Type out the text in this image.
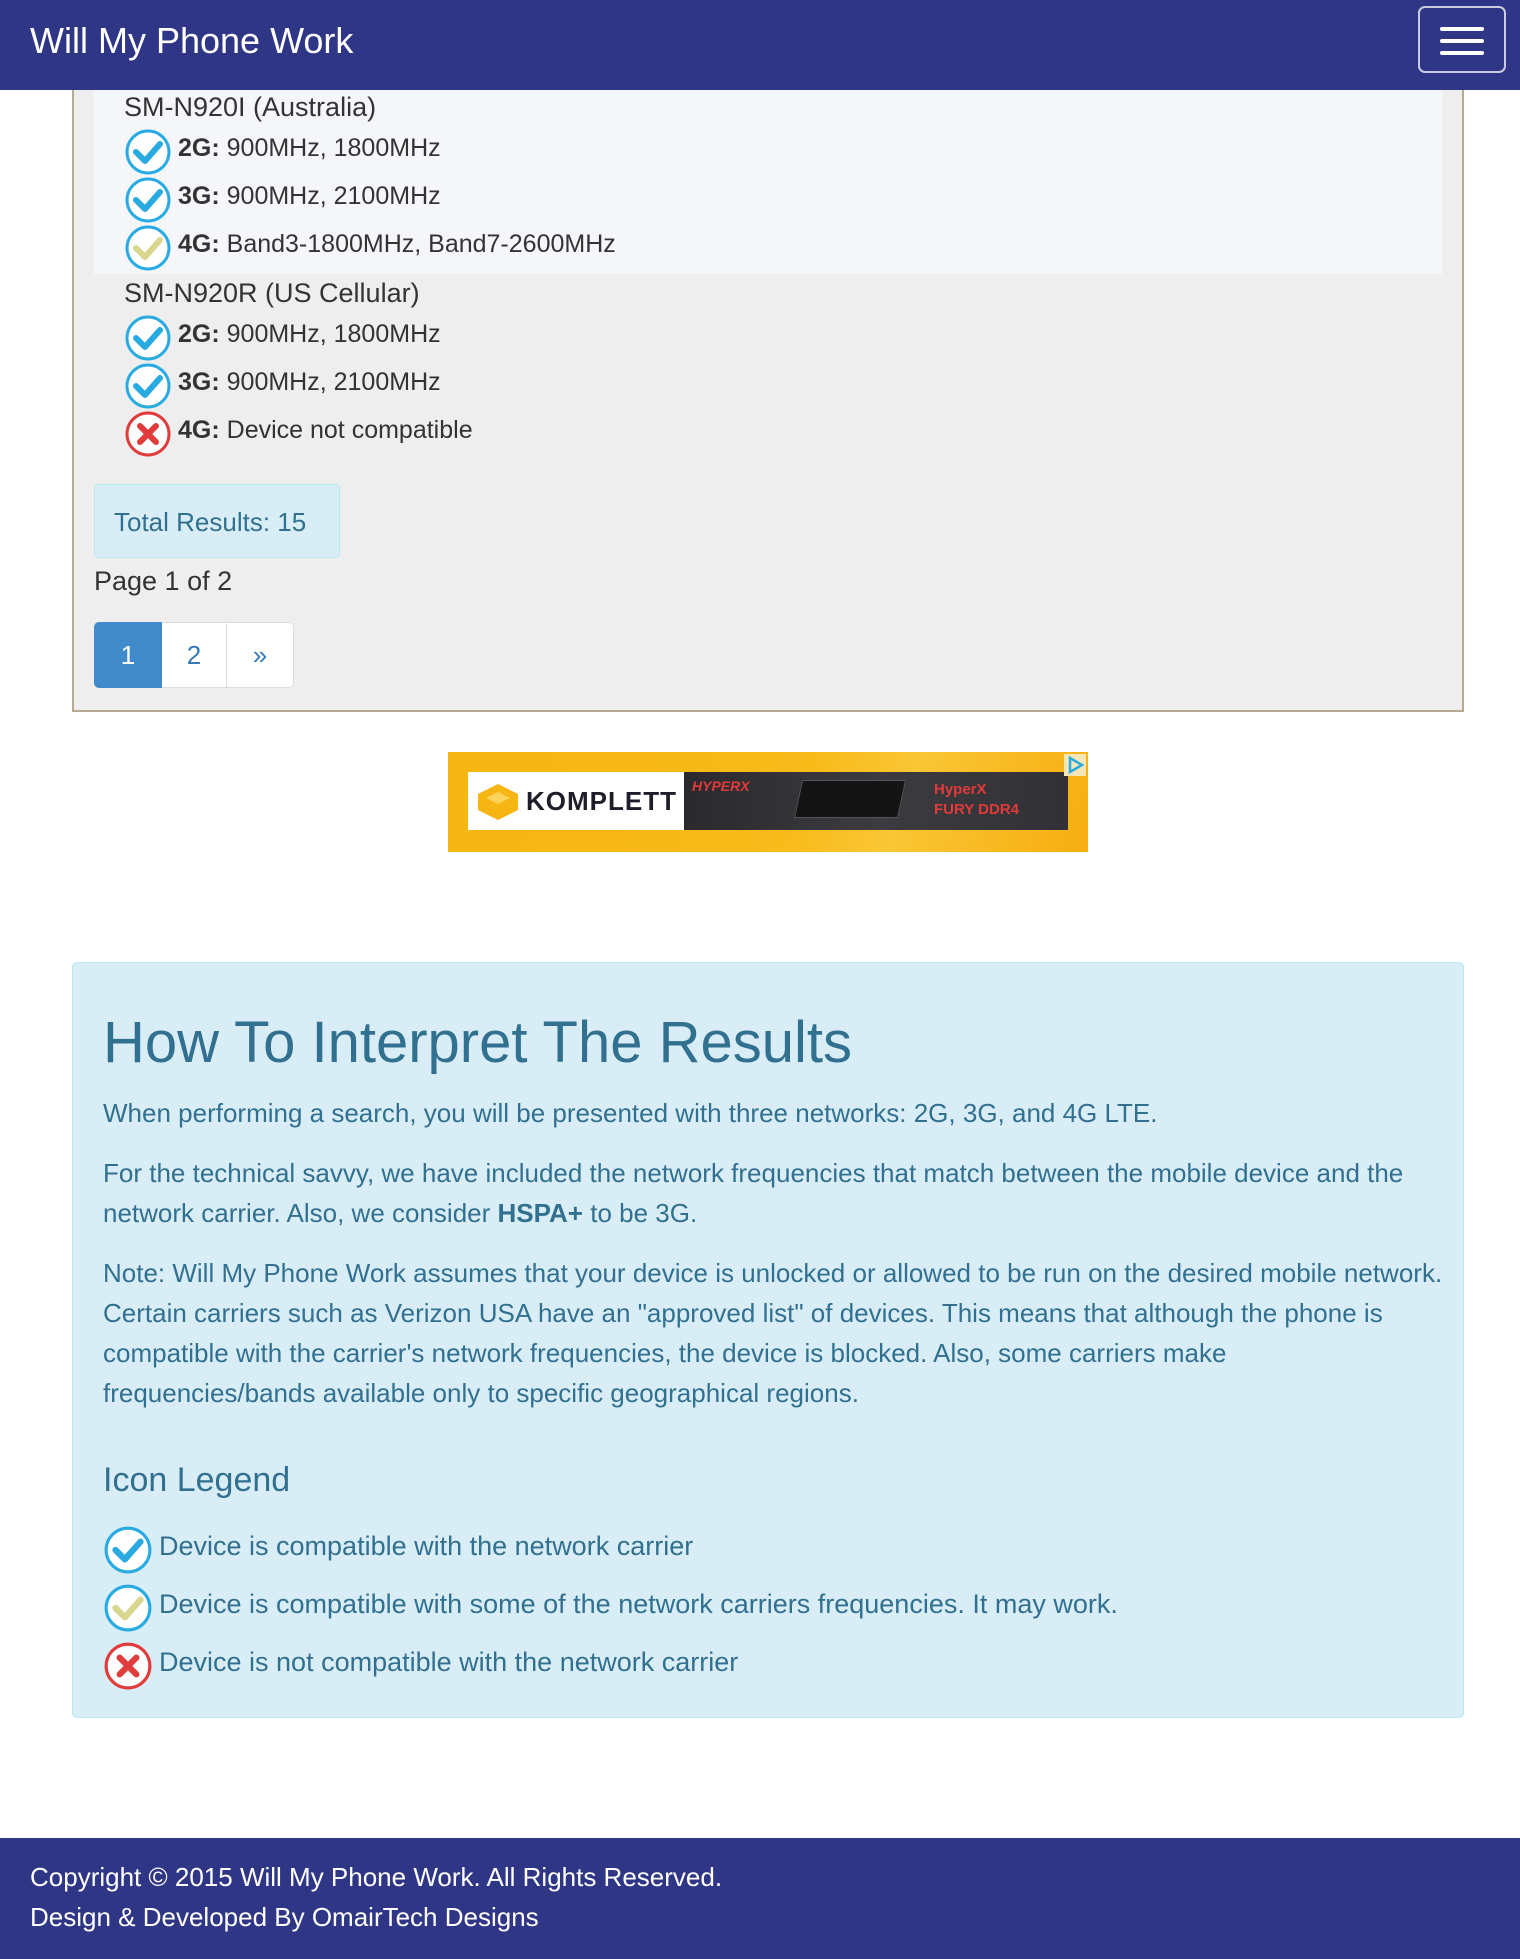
Will My Phone Work
SM-N920I (Australia)
2G: 900MHz, 1800MHz
3G: 900MHz, 2100MHz
4G: Band3-1800MHz, Band7-2600MHz
SM-N920R (US Cellular)
2G: 900MHz, 1800MHz
3G: 900MHz, 2100MHz
4G: Device not compatible
Total Results: 15
Page 1 of 2
1	2	»
KOMPLETT HYPERX	HyperX
FURY DDR4
How To Interpret The Results

When performing a search, you will be presented with three networks: 2G, 3G, and 4G LTE.

For the technical savvy, we have included the network frequencies that match between the mobile device and the network carrier. Also, we consider HSPA+ to be 3G.

Note: Will My Phone Work assumes that your device is unlocked or allowed to be run on the desired mobile network. Certain carriers such as Verizon USA have an "approved list" of devices. This means that although the phone is compatible with the carrier's network frequencies, the device is blocked. Also, some carriers make frequencies/bands available only to specific geographical regions.

Icon Legend
Device is compatible with the network carrier
Device is compatible with some of the network carriers frequencies. It may work.
Device is not compatible with the network carrier
Copyright © 2015 Will My Phone Work. All Rights Reserved.
Design & Developed By OmairTech Designs
